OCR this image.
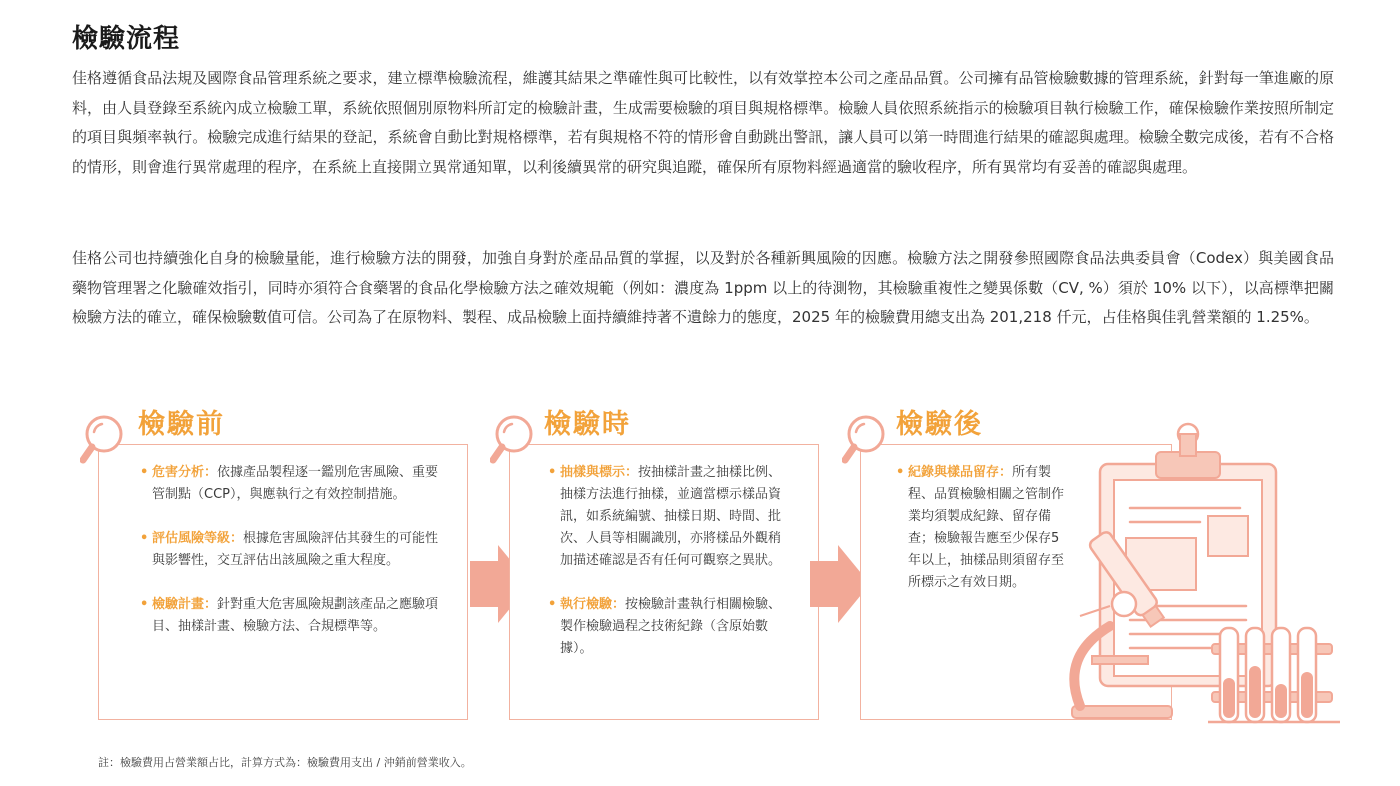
檢驗流程

佳格遵循食品法規及國際食品管理系統之要求，建立標準檢驗流程，維護其結果之準確性與可比較性，以有效掌控本公司之產品品質。公司擁有品管檢驗數據的管理系統，針對每一筆進廠的原料，由人員登錄至系統內成立檢驗工單，系統依照個別原物料所訂定的檢驗計畫，生成需要檢驗的項目與規格標準。檢驗人員依照系統指示的檢驗項目執行檢驗工作，確保檢驗作業按照所制定的項目與頻率執行。檢驗完成進行結果的登記，系統會自動比對規格標準，若有與規格不符的情形會自動跳出警訊，讓人員可以第一時間進行結果的確認與處理。檢驗全數完成後，若有不合格的情形，則會進行異常處理的程序，在系統上直接開立異常通知單，以利後續異常的研究與追蹤，確保所有原物料經過適當的驗收程序，所有異常均有妥善的確認與處理。

佳格公司也持續強化自身的檢驗量能，進行檢驗方法的開發，加強自身對於產品品質的掌握，以及對於各種新興風險的因應。檢驗方法之開發參照國際食品法典委員會（Codex）與美國食品藥物管理署之化驗確效指引，同時亦須符合食藥署的食品化學檢驗方法之確效規範（例如：濃度為 1ppm 以上的待測物，其檢驗重複性之變異係數（CV, %）須於 10% 以下），以高標準把關檢驗方法的確立，確保檢驗數值可信。公司為了在原物料、製程、成品檢驗上面持續維持著不遺餘力的態度，2025 年的檢驗費用總支出為 201,218 仟元，占佳格與佳乳營業額的 1.25%。

檢驗前
• 危害分析：依據產品製程逐一鑑別危害風險、重要管制點（CCP），與應執行之有效控制措施。
• 評估風險等級：根據危害風險評估其發生的可能性與影響性，交互評估出該風險之重大程度。
• 檢驗計畫：針對重大危害風險規劃該產品之應驗項目、抽樣計畫、檢驗方法、合規標準等。
檢驗時
• 抽樣與標示：按抽樣計畫之抽樣比例、抽樣方法進行抽樣，並適當標示樣品資訊，如系統編號、抽樣日期、時間、批次、人員等相關識別，亦將樣品外觀稍加描述確認是否有任何可觀察之異狀。
• 執行檢驗：按檢驗計畫執行相關檢驗、製作檢驗過程之技術紀錄（含原始數據）。
檢驗後
• 紀錄與樣品留存：所有製程、品質檢驗相關之管制作業均須製成紀錄、留存備查；檢驗報告應至少保存5年以上，抽樣品則須留存至所標示之有效日期。

註：檢驗費用占營業額占比，計算方式為：檢驗費用支出 / 沖銷前營業收入。
